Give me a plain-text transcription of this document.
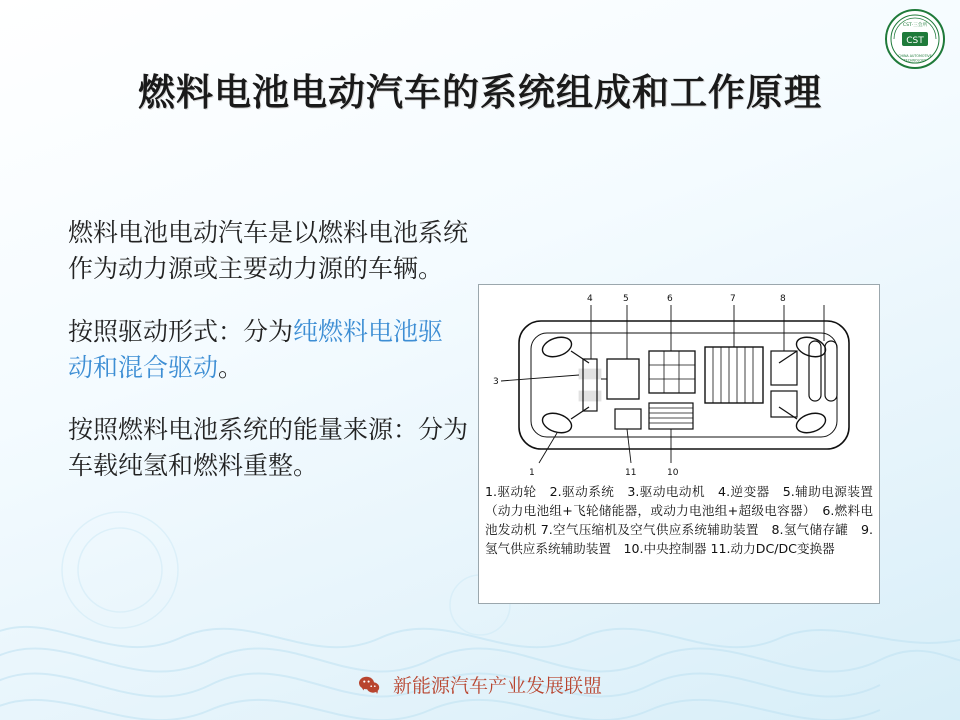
CST
CST·三会所
CHINA AUTOMOTIVE
TECHNOLOGY
燃料电池电动汽车的系统组成和工作原理
燃料电池电动汽车是以燃料电池系统作为动力源或主要动力源的车辆。
按照驱动形式：分为纯燃料电池驱动和混合驱动。
按照燃料电池系统的能量来源：分为车载纯氢和燃料重整。
4	5	6	7	8
3
1	11	10
1.驱动轮　2.驱动系统　3.驱动电动机　4.逆变器　5.辅助电源装置（动力电池组+飞轮储能器，或动力电池组+超级电容器）　6.燃料电池发动机 7.空气压缩机及空气供应系统辅助装置　8.氢气储存罐　9.氢气供应系统辅助装置　10.中央控制器 11.动力DC/DC变换器
新能源汽车产业发展联盟
